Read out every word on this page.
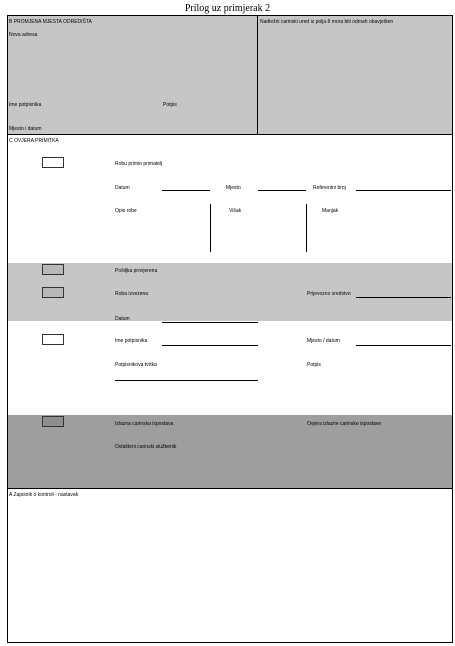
Prilog uz primjerak 2
B PROMJENA MJESTA ODREDIŠTA
Nova adresa
Ime potpisnika	Potpis
Mjesto i datum
Nadležni carinski ured iz polja 8 mora biti odmah obavješten
C OVJERA PRIMITKA
Robu primio primatelj
Datum	Mjesto	Referentni broj
Opis robe	Višak	Manjak
Pošiljka provjerena
Roba izvezena	Prijevozno sredstvo
Datum
Ime potpisnika	Mjesto / datum
Potpisnikova tvrtka	Potpis
Izlazna carinska ispostava	Ovjera izlazne carinske ispostave
Ovlašteni carinski službenik
A Zapisnik o kontroli - nastavak
